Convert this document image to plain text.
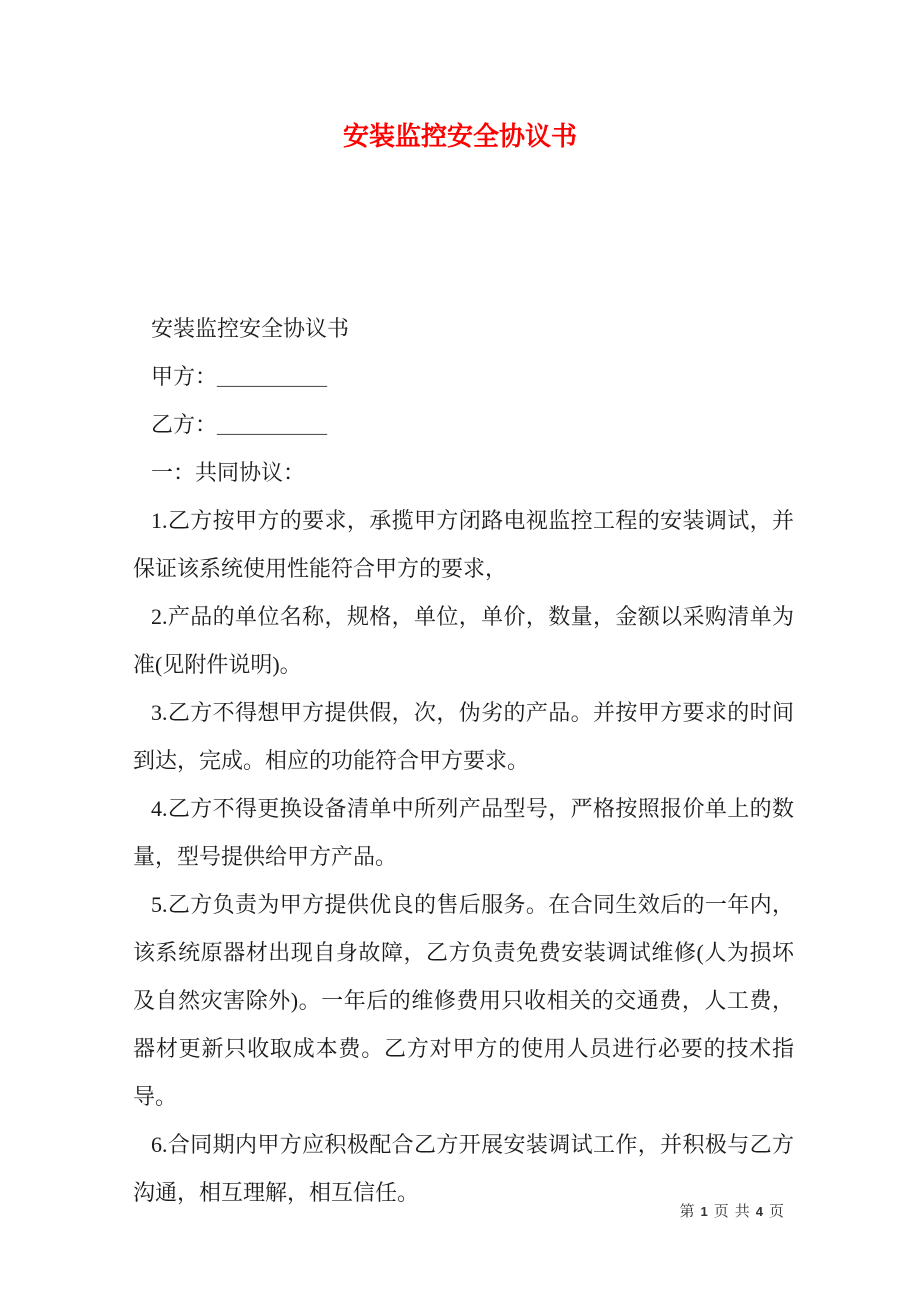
安装监控安全协议书

安装监控安全协议书

甲方：__________

乙方：__________

一：共同协议：

1.乙方按甲方的要求，承揽甲方闭路电视监控工程的安装调试，并保证该系统使用性能符合甲方的要求，

2.产品的单位名称，规格，单位，单价，数量，金额以采购清单为准(见附件说明)。

3.乙方不得想甲方提供假，次，伪劣的产品。并按甲方要求的时间到达，完成。相应的功能符合甲方要求。

4.乙方不得更换设备清单中所列产品型号，严格按照报价单上的数量，型号提供给甲方产品。

5.乙方负责为甲方提供优良的售后服务。在合同生效后的一年内，该系统原器材出现自身故障，乙方负责免费安装调试维修(人为损坏及自然灾害除外)。一年后的维修费用只收相关的交通费，人工费，器材更新只收取成本费。乙方对甲方的使用人员进行必要的技术指导。

6.合同期内甲方应积极配合乙方开展安装调试工作，并积极与乙方沟通，相互理解，相互信任。

第 1 页 共 4 页
